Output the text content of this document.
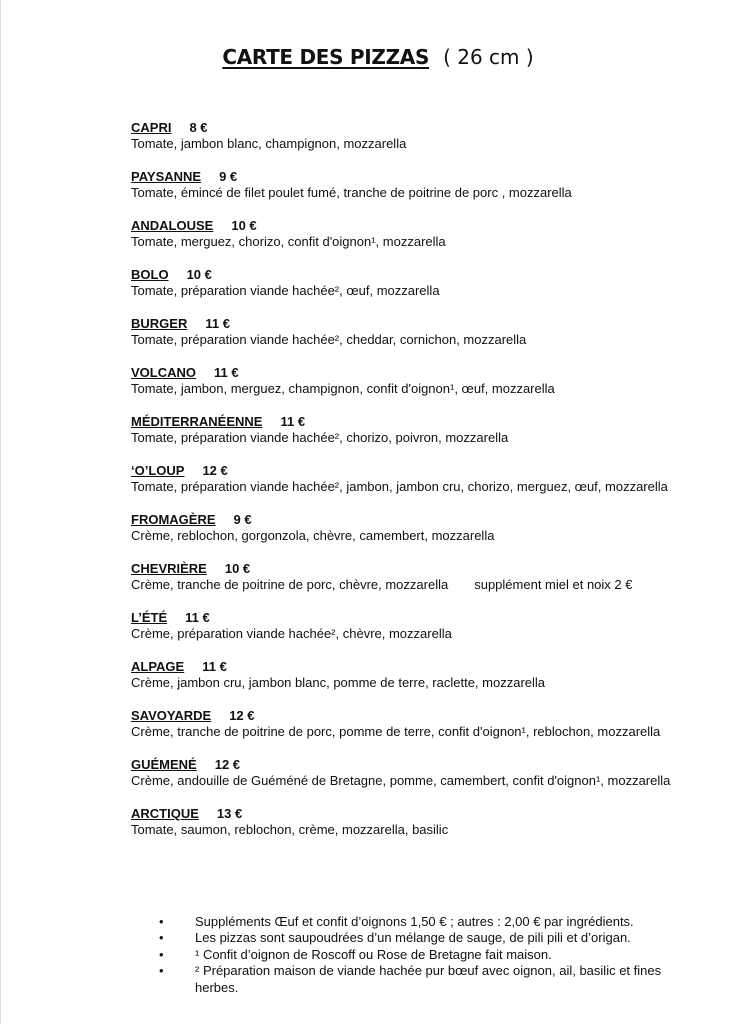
CARTE DES PIZZAS ( 26 cm )
CAPRI 8 €
Tomate, jambon blanc, champignon, mozzarella
PAYSANNE 9 €
Tomate, émincé de filet poulet fumé, tranche de poitrine de porc , mozzarella
ANDALOUSE 10 €
Tomate, merguez, chorizo, confit d'oignon¹, mozzarella
BOLO 10 €
Tomate, préparation viande hachée², œuf, mozzarella
BURGER 11 €
Tomate, préparation viande hachée², cheddar, cornichon, mozzarella
VOLCANO 11 €
Tomate, jambon, merguez, champignon, confit d'oignon¹, œuf, mozzarella
MÉDITERRANÉENNE 11 €
Tomate, préparation viande hachée², chorizo, poivron, mozzarella
‘O’LOUP 12 €
Tomate, préparation viande hachée², jambon, jambon cru, chorizo, merguez, œuf, mozzarella
FROMAGÈRE 9 €
Crème, reblochon, gorgonzola, chèvre, camembert, mozzarella
CHEVRIÈRE 10 €
Crème, tranche de poitrine de porc, chèvre, mozzarella supplément miel et noix 2 €
L’ÉTÉ 11 €
Crème, préparation viande hachée², chèvre, mozzarella
ALPAGE 11 €
Crème, jambon cru, jambon blanc, pomme de terre, raclette, mozzarella
SAVOYARDE 12 €
Crème, tranche de poitrine de porc, pomme de terre, confit d'oignon¹, reblochon, mozzarella
GUÉMENÉ 12 €
Crème, andouille de Guéméné de Bretagne, pomme, camembert, confit d'oignon¹, mozzarella
ARCTIQUE 13 €
Tomate, saumon, reblochon, crème, mozzarella, basilic
• Suppléments Œuf et confit d’oignons 1,50 € ; autres : 2,00 € par ingrédients.
• Les pizzas sont saupoudrées d’un mélange de sauge, de pili pili et d’origan.
• ¹ Confit d’oignon de Roscoff ou Rose de Bretagne fait maison.
• ² Préparation maison de viande hachée pur bœuf avec oignon, ail, basilic et fines herbes.
